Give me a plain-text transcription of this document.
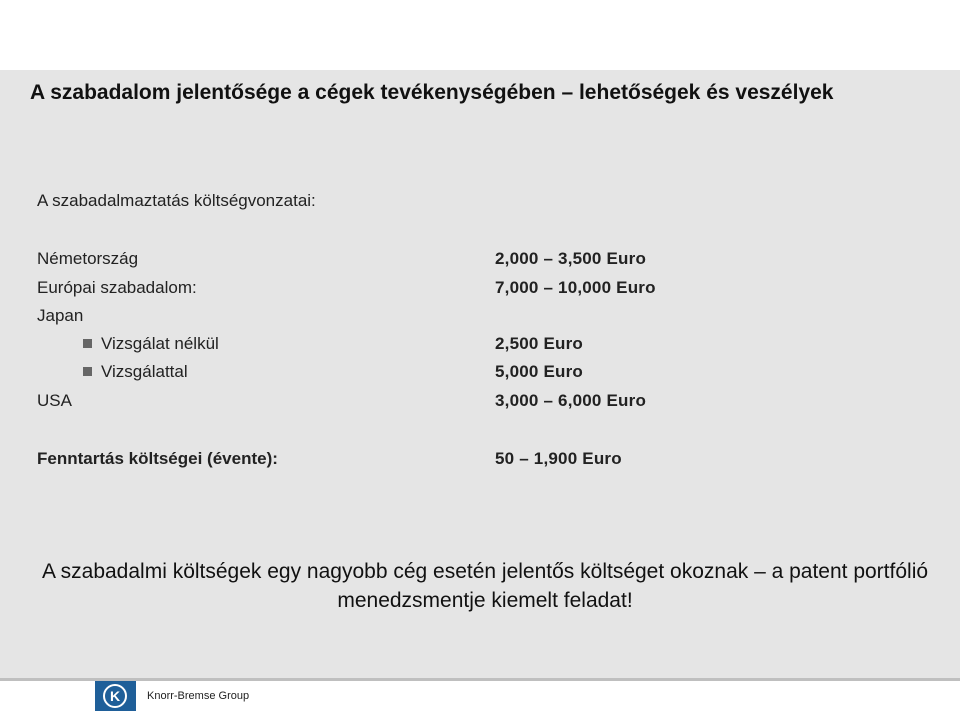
A szabadalom jelentősége a cégek tevékenységében – lehetőségek és veszélyek
A szabadalmaztatás költségvonzatai:
Németország	2,000 – 3,500 Euro
Európai szabadalom:	7,000 – 10,000 Euro
Japan
Vizsgálat nélkül	2,500 Euro
Vizsgálattal	5,000 Euro
USA	3,000 – 6,000 Euro
Fenntartás költségei (évente):	50 – 1,900 Euro
A szabadalmi költségek egy nagyobb cég esetén jelentős költséget okoznak – a patent portfólió menedzsmentje kiemelt feladat!
K	Knorr-Bremse Group
